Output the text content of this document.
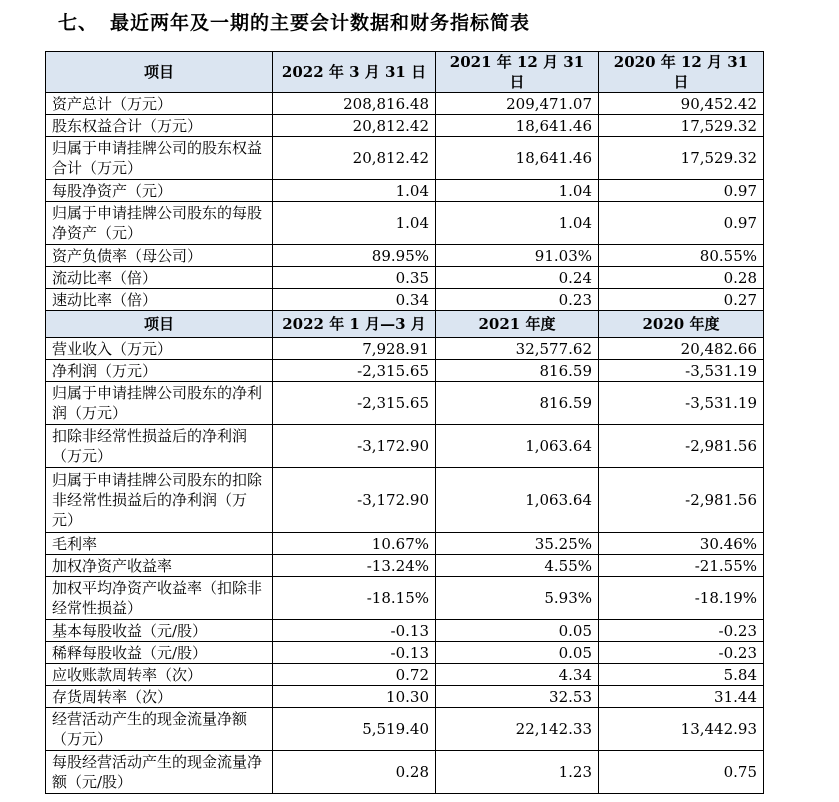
七、 最近两年及一期的主要会计数据和财务指标简表
项目	2022 年 3 月 31 日	2021 年 12 月 31 日	2020 年 12 月 31 日
资产总计（万元）	208,816.48	209,471.07	90,452.42
股东权益合计（万元）	20,812.42	18,641.46	17,529.32
归属于申请挂牌公司的股东权益合计（万元）	20,812.42	18,641.46	17,529.32
每股净资产（元）	1.04	1.04	0.97
归属于申请挂牌公司股东的每股净资产（元）	1.04	1.04	0.97
资产负债率（母公司）	89.95%	91.03%	80.55%
流动比率（倍）	0.35	0.24	0.28
速动比率（倍）	0.34	0.23	0.27
项目	2022 年 1 月—3 月	2021 年度	2020 年度
营业收入（万元）	7,928.91	32,577.62	20,482.66
净利润（万元）	-2,315.65	816.59	-3,531.19
归属于申请挂牌公司股东的净利润（万元）	-2,315.65	816.59	-3,531.19
扣除非经常性损益后的净利润（万元）	-3,172.90	1,063.64	-2,981.56
归属于申请挂牌公司股东的扣除非经常性损益后的净利润（万元）	-3,172.90	1,063.64	-2,981.56
毛利率	10.67%	35.25%	30.46%
加权净资产收益率	-13.24%	4.55%	-21.55%
加权平均净资产收益率（扣除非经常性损益）	-18.15%	5.93%	-18.19%
基本每股收益（元/股）	-0.13	0.05	-0.23
稀释每股收益（元/股）	-0.13	0.05	-0.23
应收账款周转率（次）	0.72	4.34	5.84
存货周转率（次）	10.30	32.53	31.44
经营活动产生的现金流量净额（万元）	5,519.40	22,142.33	13,442.93
每股经营活动产生的现金流量净额（元/股）	0.28	1.23	0.75
